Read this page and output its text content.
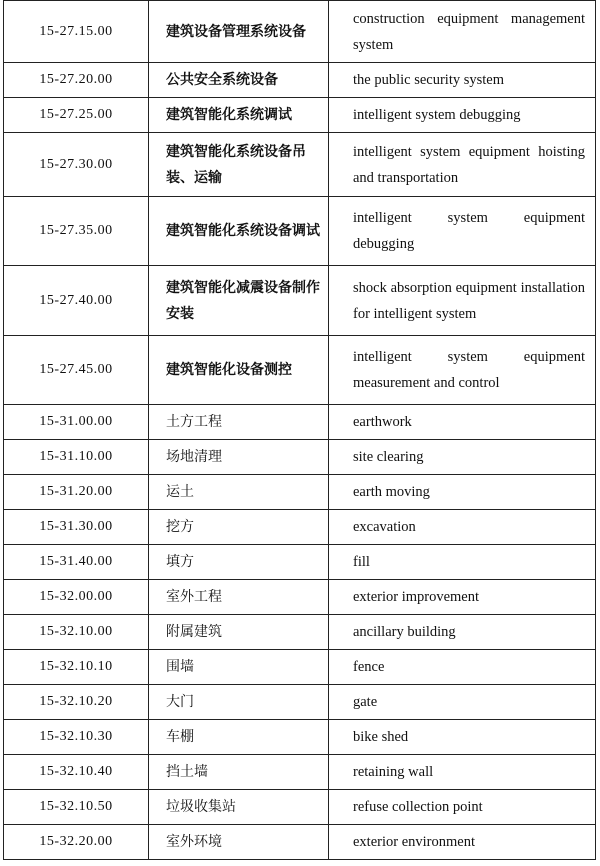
15-27.15.00	建筑设备管理系统设备	construction equipment management system
15-27.20.00	公共安全系统设备	the public security system
15-27.25.00	建筑智能化系统调试	intelligent system debugging
15-27.30.00	建筑智能化系统设备吊装、运输	intelligent system equipment hoisting and transportation
15-27.35.00	建筑智能化系统设备调试	intelligent system equipment debugging
15-27.40.00	建筑智能化减震设备制作安装	shock absorption equipment installation for intelligent system
15-27.45.00	建筑智能化设备测控	intelligent system equipment measurement and control
15-31.00.00	土方工程	earthwork
15-31.10.00	场地清理	site clearing
15-31.20.00	运土	earth moving
15-31.30.00	挖方	excavation
15-31.40.00	填方	fill
15-32.00.00	室外工程	exterior improvement
15-32.10.00	附属建筑	ancillary building
15-32.10.10	围墙	fence
15-32.10.20	大门	gate
15-32.10.30	车棚	bike shed
15-32.10.40	挡土墙	retaining wall
15-32.10.50	垃圾收集站	refuse collection point
15-32.20.00	室外环境	exterior environment
